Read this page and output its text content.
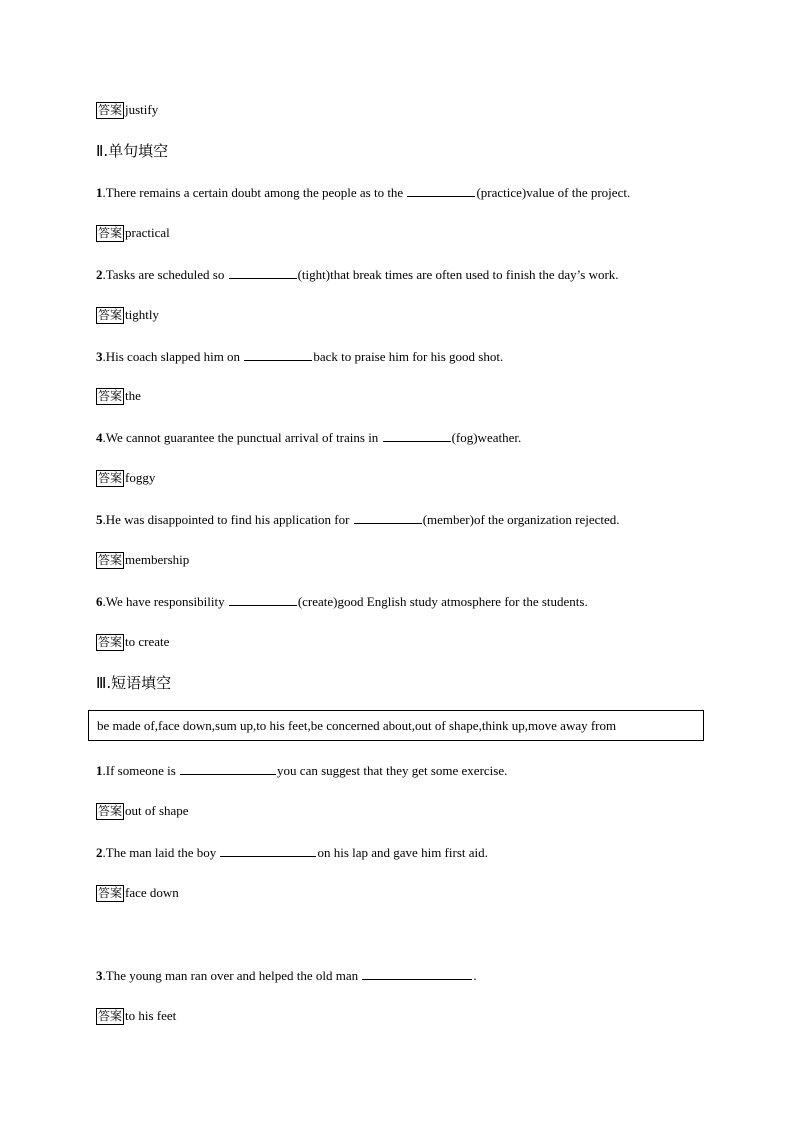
答案 justify
Ⅱ.单句填空
1.There remains a certain doubt among the people as to the	(practice)value of the project.
答案 practical
2.Tasks are scheduled so	(tight)that break times are often used to finish the day’s work.
答案 tightly
3.His coach slapped him on	back to praise him for his good shot.
答案 the
4.We cannot guarantee the punctual arrival of trains in	(fog)weather.
答案 foggy
5.He was disappointed to find his application for	(member)of the organization rejected.
答案 membership
6.We have responsibility	(create)good English study atmosphere for the students.
答案 to create
Ⅲ.短语填空
be made of,face down,sum up,to his feet,be concerned about,out of shape,think up,move away from
1.If someone is	you can suggest that they get some exercise.
答案 out of shape
2.The man laid the boy	on his lap and gave him first aid.
答案 face down
3.The young man ran over and helped the old man	.
答案 to his feet
